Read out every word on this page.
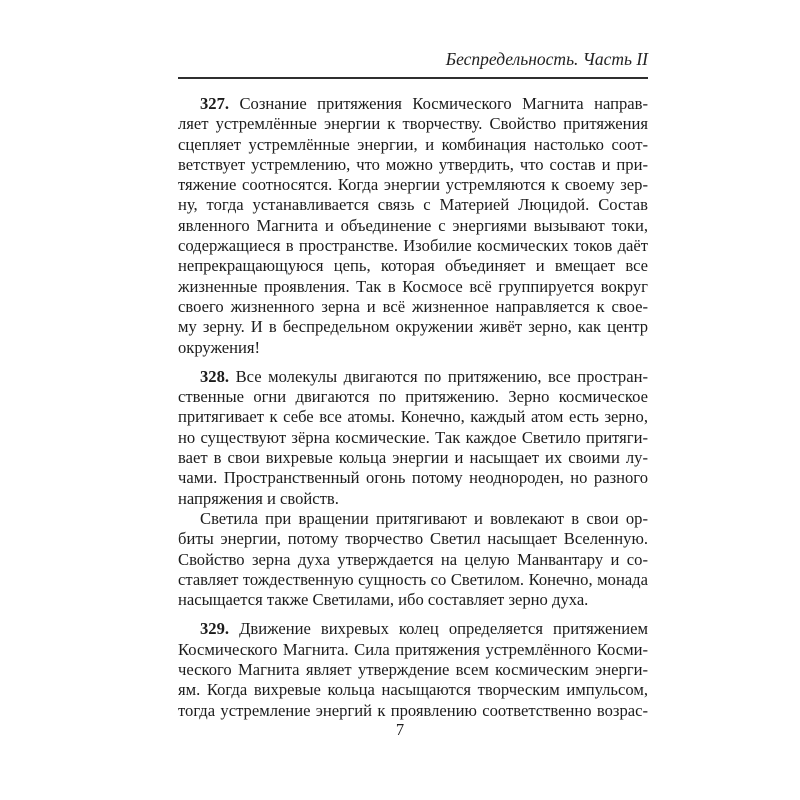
Беспредельность. Часть II
327. Сознание притяжения Космического Магнита направ-
ляет устремлённые энергии к творчеству. Свойство притяжения
сцепляет устремлённые энергии, и комбинация настолько соот-
ветствует устремлению, что можно утвердить, что состав и при-
тяжение соотносятся. Когда энергии устремляются к своему зер-
ну, тогда устанавливается связь с Материей Люцидой. Состав
явленного Магнита и объединение с энергиями вызывают токи,
содержащиеся в пространстве. Изобилие космических токов даёт
непрекращающуюся цепь, которая объединяет и вмещает все
жизненные проявления. Так в Космосе всё группируется вокруг
своего жизненного зерна и всё жизненное направляется к свое-
му зерну. И в беспредельном окружении живёт зерно, как центр
окружения!
328. Все молекулы двигаются по притяжению, все простран-
ственные огни двигаются по притяжению. Зерно космическое
притягивает к себе все атомы. Конечно, каждый атом есть зерно,
но существуют зёрна космические. Так каждое Светило притяги-
вает в свои вихревые кольца энергии и насыщает их своими лу-
чами. Пространственный огонь потому неоднороден, но разного
напряжения и свойств.
Светила при вращении притягивают и вовлекают в свои ор-
биты энергии, потому творчество Светил насыщает Вселенную.
Свойство зерна духа утверждается на целую Манвантару и со-
ставляет тождественную сущность со Светилом. Конечно, монада
насыщается также Светилами, ибо составляет зерно духа.
329. Движение вихревых колец определяется притяжением
Космического Магнита. Сила притяжения устремлённого Косми-
ческого Магнита являет утверждение всем космическим энерги-
ям. Когда вихревые кольца насыщаются творческим импульсом,
тогда устремление энергий к проявлению соответственно возрас-
7
